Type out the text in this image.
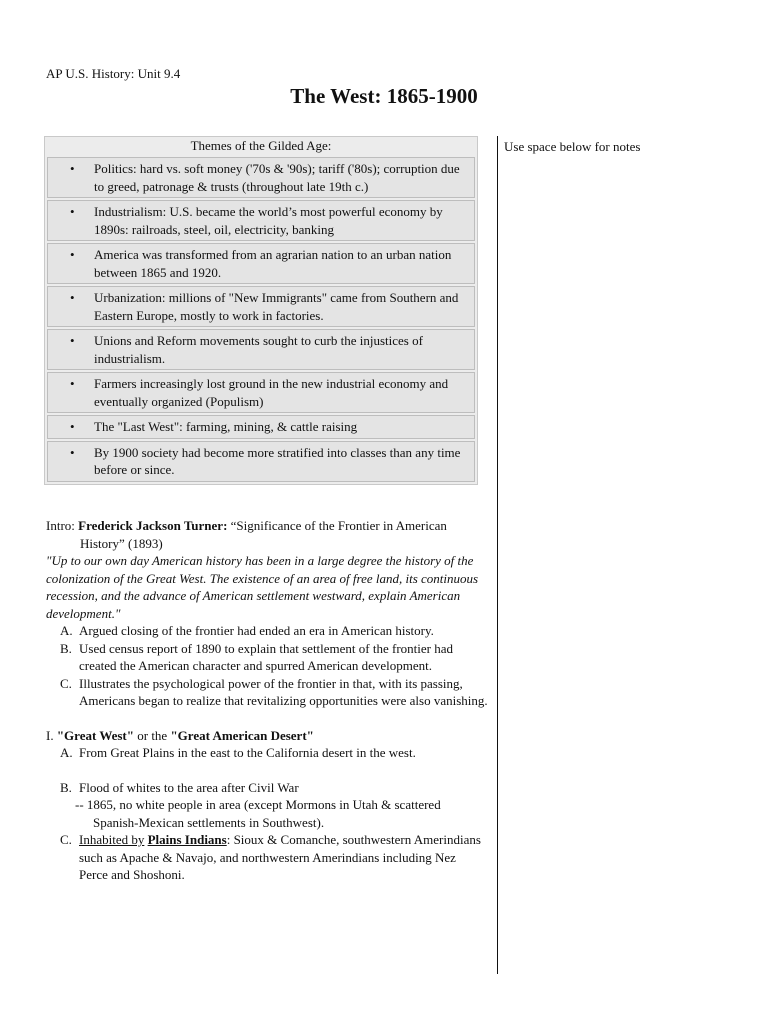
AP U.S. History: Unit 9.4
The West: 1865-1900
Themes of the Gilded Age:
• Politics: hard vs. soft money ('70s & '90s); tariff ('80s); corruption due to greed, patronage & trusts (throughout late 19th c.)
• Industrialism: U.S. became the world’s most powerful economy by 1890s: railroads, steel, oil, electricity, banking
• America was transformed from an agrarian nation to an urban nation between 1865 and 1920.
• Urbanization: millions of "New Immigrants" came from Southern and Eastern Europe, mostly to work in factories.
• Unions and Reform movements sought to curb the injustices of industrialism.
• Farmers increasingly lost ground in the new industrial economy and eventually organized (Populism)
• The "Last West": farming, mining, & cattle raising
• By 1900 society had become more stratified into classes than any time before or since.
Use space below for notes
Intro: Frederick Jackson Turner: “Significance of the Frontier in American History” (1893)
"Up to our own day American history has been in a large degree the history of the colonization of the Great West. The existence of an area of free land, its continuous recession, and the advance of American settlement westward, explain American development."
A. Argued closing of the frontier had ended an era in American history.
B. Used census report of 1890 to explain that settlement of the frontier had created the American character and spurred American development.
C. Illustrates the psychological power of the frontier in that, with its passing, Americans began to realize that revitalizing opportunities were also vanishing.
I. "Great West" or the "Great American Desert"
A. From Great Plains in the east to the California desert in the west.
B. Flood of whites to the area after Civil War
-- 1865, no white people in area (except Mormons in Utah & scattered Spanish-Mexican settlements in Southwest).
C. Inhabited by Plains Indians: Sioux & Comanche, southwestern Amerindians such as Apache & Navajo, and northwestern Amerindians including Nez Perce and Shoshoni.
